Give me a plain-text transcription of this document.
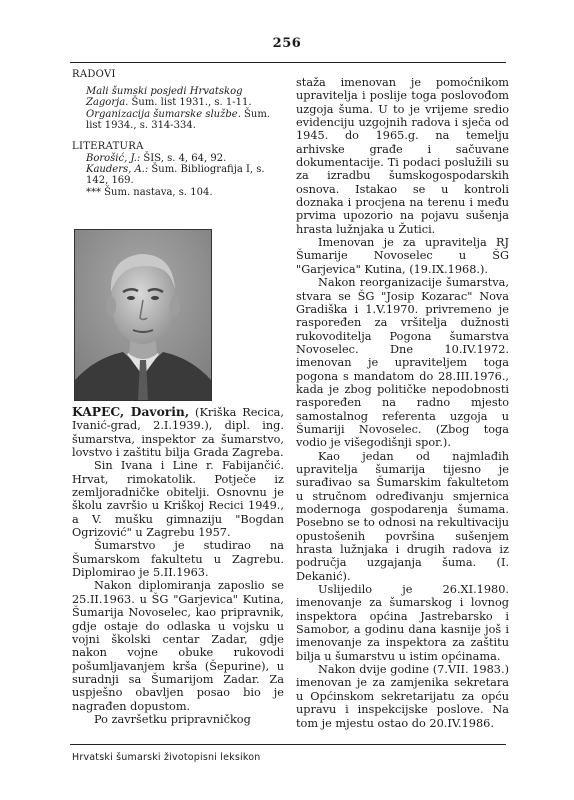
256

RADOVI

Mali šumski posjedi Hrvatskog Zagorja. Šum. list 1931., s. 1-11.

Organizacija šumarske službe. Šum. list 1934., s. 314-334.

LITERATURA

Borošić, J.: ŠIS, s. 4, 64, 92.

Kauders, A.: Šum. Bibliografija I, s. 142, 169.

*** Šum. nastava, s. 104.

KAPEC, Davorin, (Kriška Recica, Ivanić-grad, 2.I.1939.), dipl. ing. šumarstva, inspektor za šumarstvo, lovstvo i zaštitu bilja Grada Zagreba.

Sin Ivana i Line r. Fabijančić. Hrvat, rimokatolik. Potječe iz zemljoradničke obitelji. Osnovnu je školu završio u Kriškoj Recici 1949., a V. mušku gimnaziju "Bogdan Ogrizović" u Zagrebu 1957.

Šumarstvo je studirao na Šumarskom fakultetu u Zagrebu. Diplomirao je 5.II.1963.

Nakon diplomiranja zaposlio se 25.II.1963. u ŠG "Garjevica" Kutina, Šumarija Novoselec, kao pripravnik, gdje ostaje do odlaska u vojsku u vojni školski centar Zadar, gdje nakon vojne obuke rukovodi pošumljavanjem krša (Šepurine), u suradnji sa Šumarijom Zadar. Za uspješno obavljen posao bio je nagrađen dopustom.

Po završetku pripravničkog

staža imenovan je pomoćnikom upravitelja i poslije toga poslovođom uzgoja šuma. U to je vrijeme sredio evidenciju uzgojnih radova i sječa od 1945. do 1965.g. na temelju arhivske građe i sačuvane dokumentacije. Ti podaci poslužili su za izradbu šumskogospodarskih osnova. Istakao se u kontroli doznaka i procjena na terenu i među prvima upozorio na pojavu sušenja hrasta lužnjaka u Žutici.

Imenovan je za upravitelja RJ Šumarije Novoselec u ŠG "Garjevica" Kutina, (19.IX.1968.).

Nakon reorganizacije šumarstva, stvara se ŠG "Josip Kozarac" Nova Gradiška i 1.V.1970. privremeno je raspoređen za vršitelja dužnosti rukovoditelja Pogona šumarstva Novoselec. Dne 10.IV.1972. imenovan je upraviteljem toga pogona s mandatom do 28.III.1976., kada je zbog političke nepodobnosti raspoređen na radno mjesto samostalnog referenta uzgoja u Šumariji Novoselec. (Zbog toga vodio je višegodišnji spor.).

Kao jedan od najmlađih upravitelja šumarija tijesno je surađivao sa Šumarskim fakultetom u stručnom određivanju smjernica modernoga gospodarenja šumama. Posebno se to odnosi na rekultivaciju opustošenih površina sušenjem hrasta lužnjaka i drugih radova iz područja uzgajanja šuma. (I. Dekanić).

Uslijedilo je 26.XI.1980. imenovanje za šumarskog i lovnog inspektora općina Jastrebarsko i Samobor, a godinu dana kasnije još i imenovanje za inspektora za zaštitu bilja u šumarstvu u istim općinama.

Nakon dvije godine (7.VII. 1983.) imenovan je za zamjenika sekretara u Općinskom sekretarijatu za opću upravu i inspekcijske poslove. Na tom je mjestu ostao do 20.IV.1986.

Hrvatski šumarski životopisni leksikon
